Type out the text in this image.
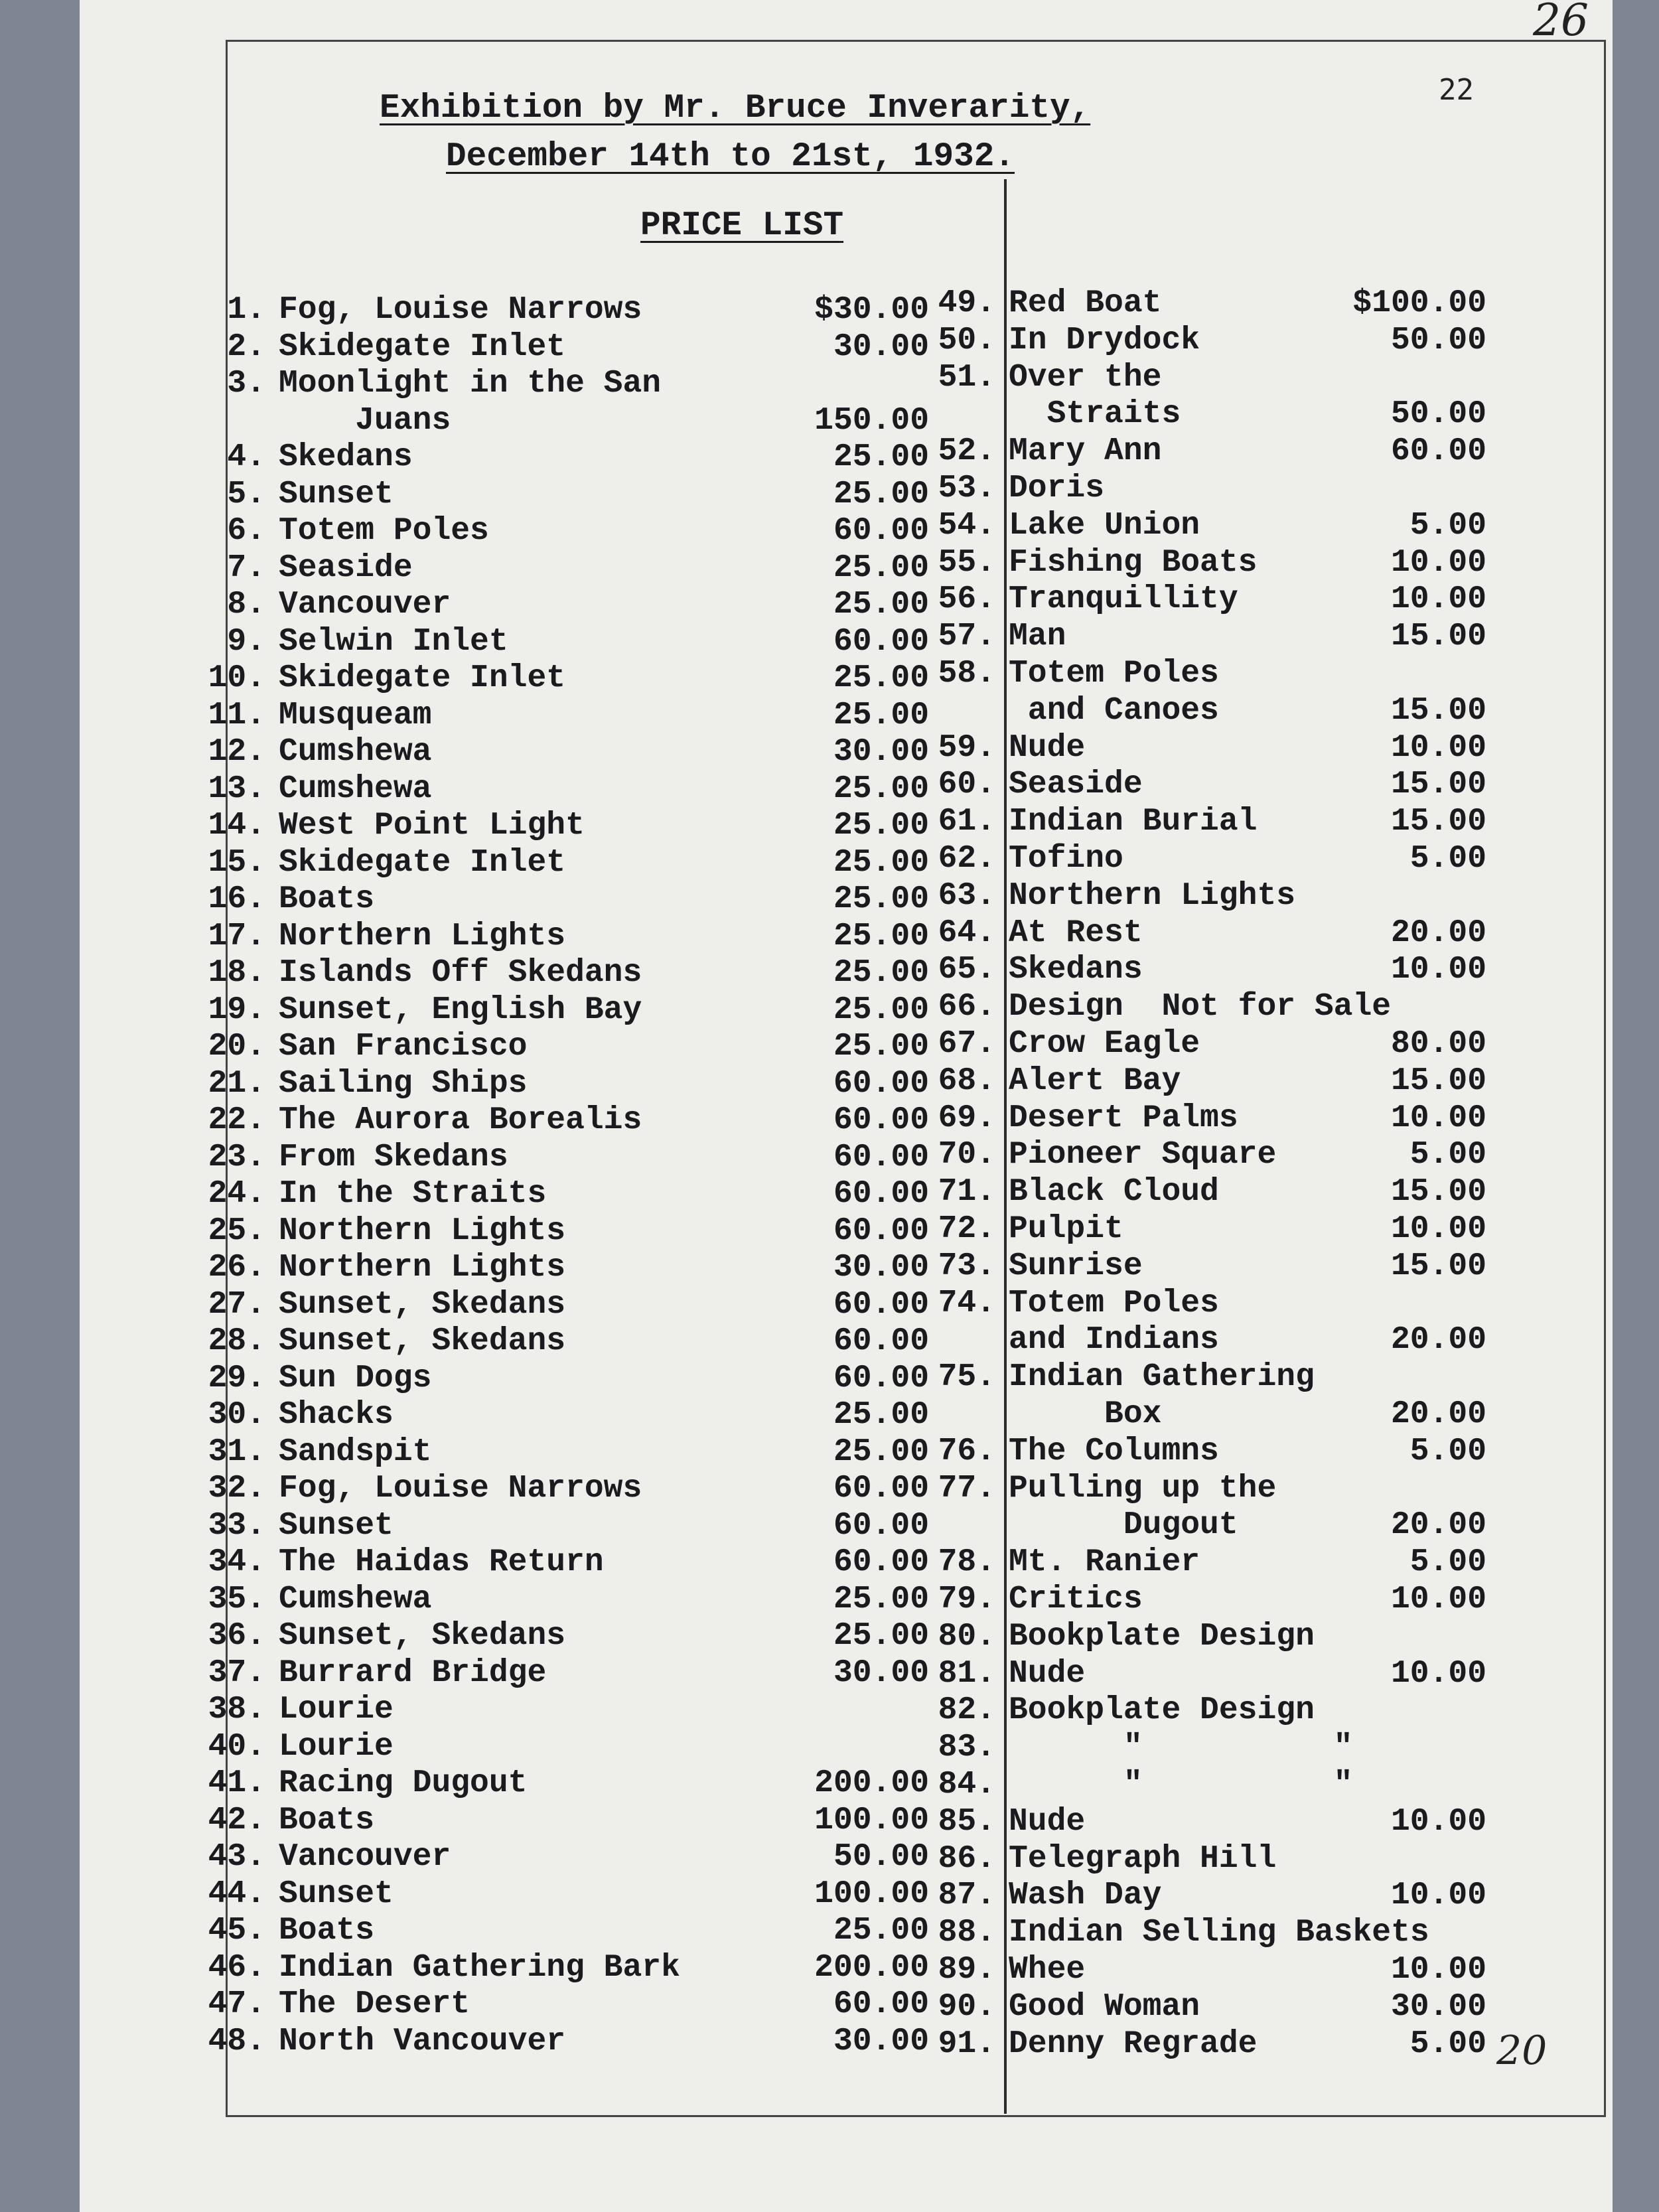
26
22
20
Exhibition by Mr. Bruce Inverarity,
December 14th to 21st, 1932.
PRICE LIST
1. Fog, Louise Narrows	$30.00
2. Skidegate Inlet	30.00
3. Moonlight in the San
Juans	150.00
4. Skedans	25.00
5. Sunset	25.00
6. Totem Poles	60.00
7. Seaside	25.00
8. Vancouver	25.00
9. Selwin Inlet	60.00
10. Skidegate Inlet	25.00
11. Musqueam	25.00
12. Cumshewa	30.00
13. Cumshewa	25.00
14. West Point Light	25.00
15. Skidegate Inlet	25.00
16. Boats	25.00
17. Northern Lights	25.00
18. Islands Off Skedans	25.00
19. Sunset, English Bay	25.00
20. San Francisco	25.00
21. Sailing Ships	60.00
22. The Aurora Borealis	60.00
23. From Skedans	60.00
24. In the Straits	60.00
25. Northern Lights	60.00
26. Northern Lights	30.00
27. Sunset, Skedans	60.00
28. Sunset, Skedans	60.00
29. Sun Dogs	60.00
30. Shacks	25.00
31. Sandspit	25.00
32. Fog, Louise Narrows	60.00
33. Sunset	60.00
34. The Haidas Return	60.00
35. Cumshewa	25.00
36. Sunset, Skedans	25.00
37. Burrard Bridge	30.00
38. Lourie
40. Lourie
41. Racing Dugout	200.00
42. Boats	100.00
43. Vancouver	50.00
44. Sunset	100.00
45. Boats	25.00
46. Indian Gathering Bark	200.00
47. The Desert	60.00
48. North Vancouver	30.00
49. Red Boat	$100.00
50. In Drydock	50.00
51. Over the
Straits	50.00
52. Mary Ann	60.00
53. Doris
54. Lake Union	5.00
55. Fishing Boats	10.00
56. Tranquillity	10.00
57. Man	15.00
58. Totem Poles
and Canoes	15.00
59. Nude	10.00
60. Seaside	15.00
61. Indian Burial	15.00
62. Tofino	5.00
63. Northern Lights
64. At Rest	20.00
65. Skedans	10.00
66. Design  Not for Sale
67. Crow Eagle	80.00
68. Alert Bay	15.00
69. Desert Palms	10.00
70. Pioneer Square	5.00
71. Black Cloud	15.00
72. Pulpit	10.00
73. Sunrise	15.00
74. Totem Poles
and Indians	20.00
75. Indian Gathering
Box	20.00
76. The Columns	5.00
77. Pulling up the
Dugout	20.00
78. Mt. Ranier	5.00
79. Critics	10.00
80. Bookplate Design
81. Nude	10.00
82. Bookplate Design
83. "          "
84. "          "
85. Nude	10.00
86. Telegraph Hill
87. Wash Day	10.00
88. Indian Selling Baskets
89. Whee	10.00
90. Good Woman	30.00
91. Denny Regrade	5.00
